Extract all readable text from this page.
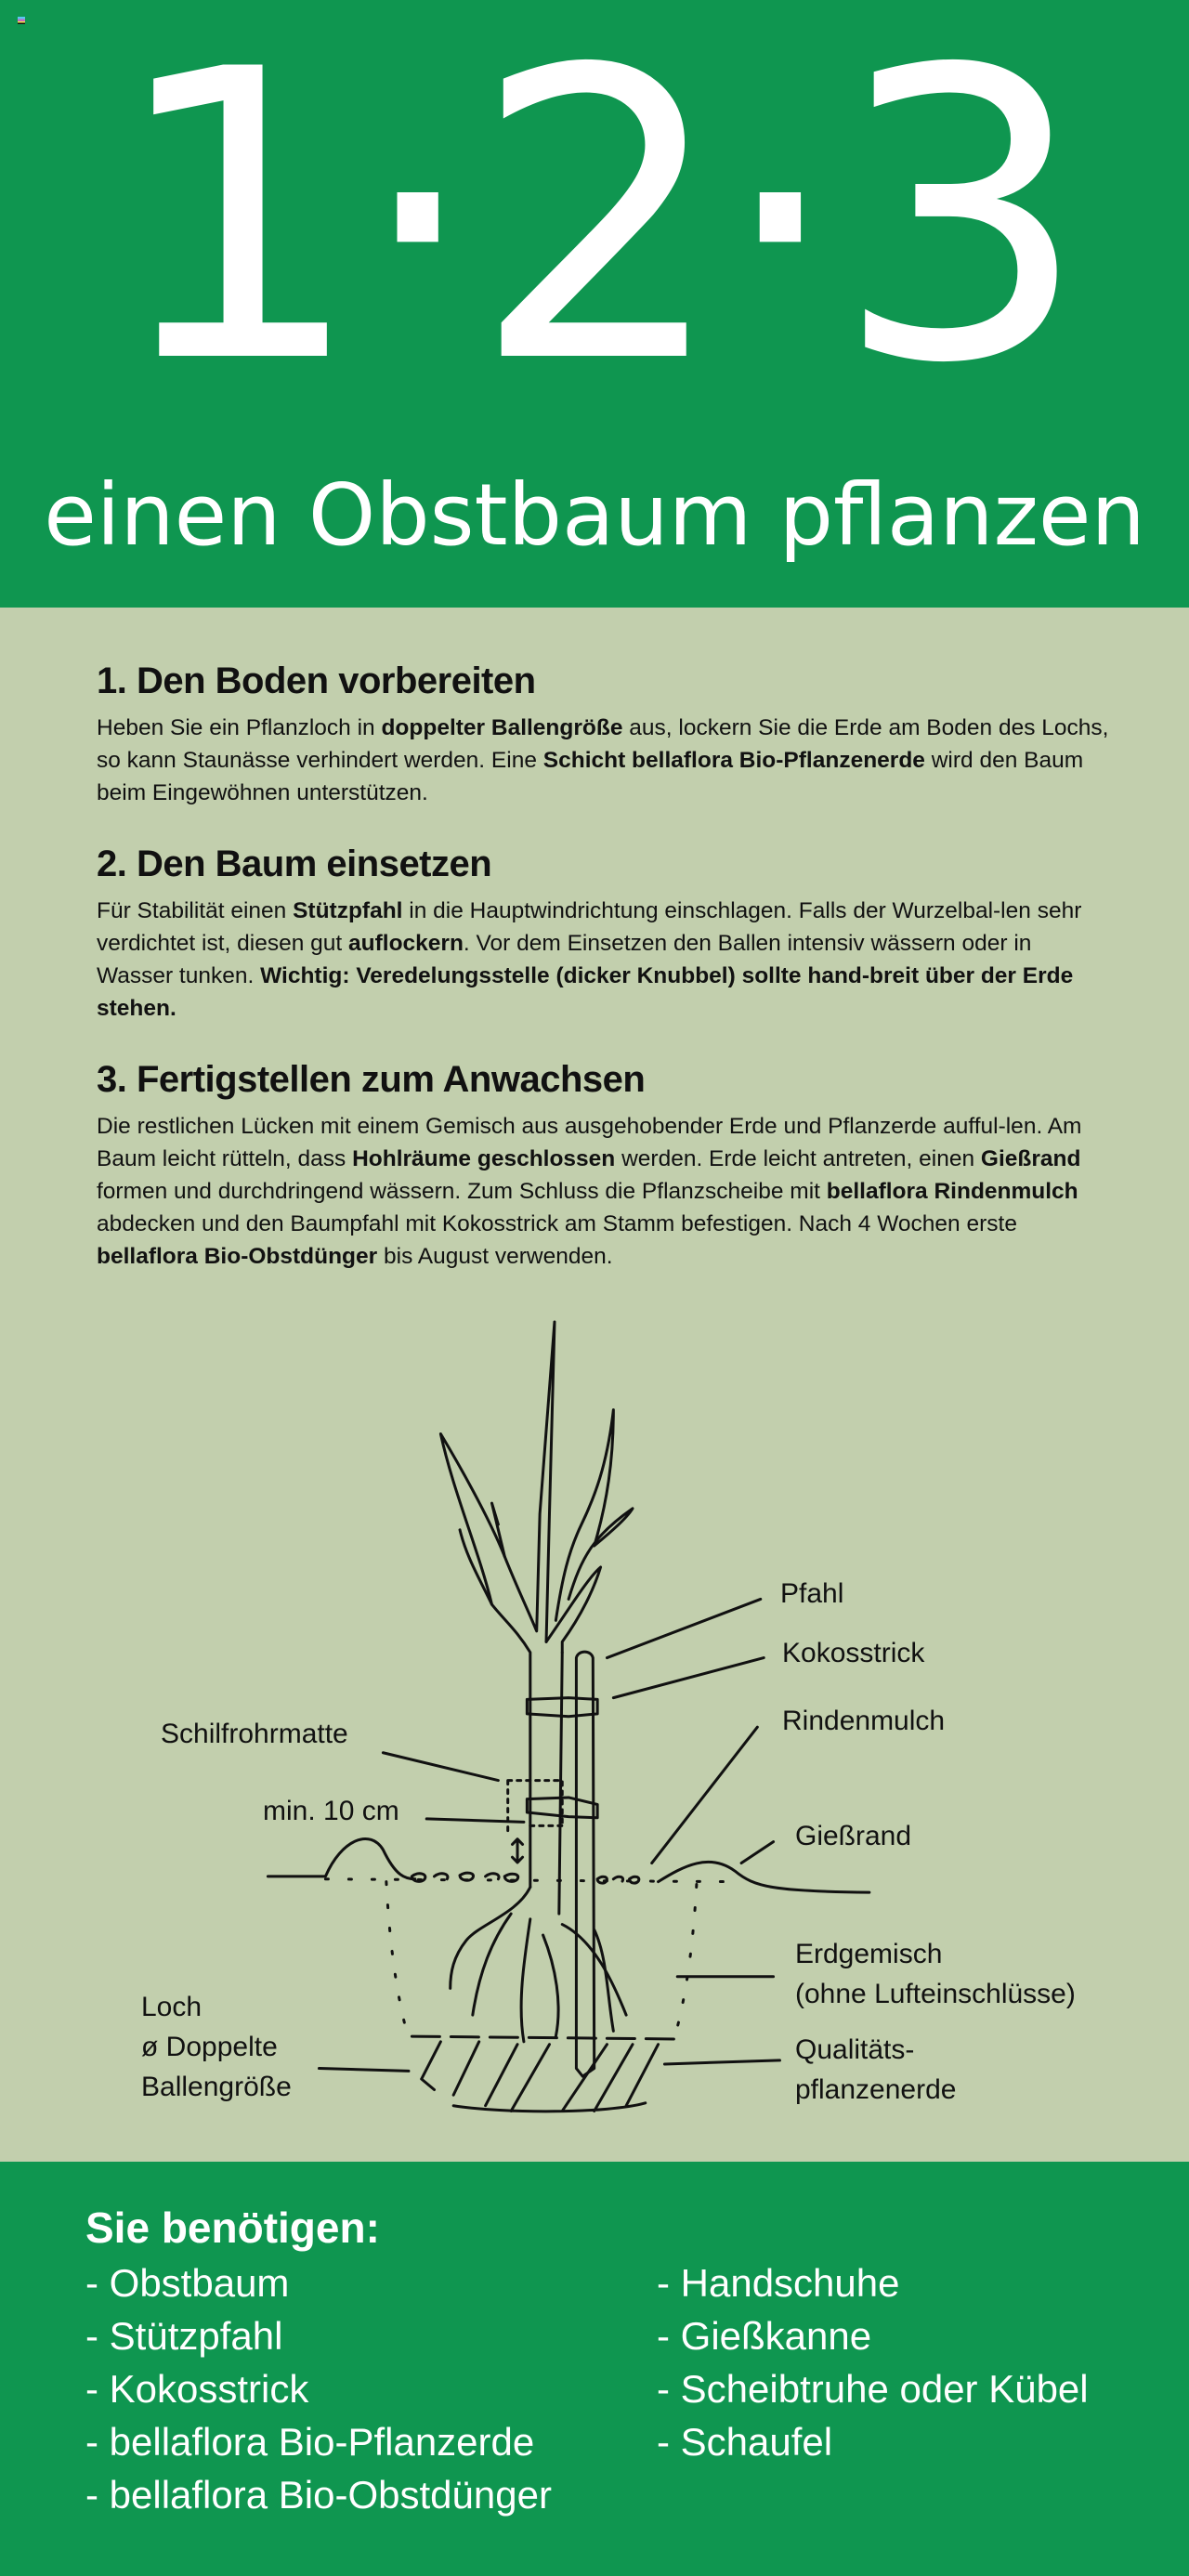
1·2·3
einen Obstbaum pflanzen
1. Den Boden vorbereiten

Heben Sie ein Pflanzloch in doppelter Ballengröße aus, lockern Sie die Erde am Boden des Lochs, so kann Staunässe verhindert werden. Eine Schicht bellaflora Bio-Pflanzenerde wird den Baum beim Eingewöhnen unterstützen.

2. Den Baum einsetzen

Für Stabilität einen Stützpfahl in die Hauptwindrichtung einschlagen. Falls der Wurzelbal-len sehr verdichtet ist, diesen gut auflockern. Vor dem Einsetzen den Ballen intensiv wässern oder in Wasser tunken. Wichtig: Veredelungsstelle (dicker Knubbel) sollte hand-breit über der Erde stehen.

3. Fertigstellen zum Anwachsen

Die restlichen Lücken mit einem Gemisch aus ausgehobender Erde und Pflanzerde aufful-len. Am Baum leicht rütteln, dass Hohlräume geschlossen werden. Erde leicht antreten, einen Gießrand formen und durchdringend wässern. Zum Schluss die Pflanzscheibe mit bellaflora Rindenmulch abdecken und den Baumpfahl mit Kokosstrick am Stamm befestigen. Nach 4 Wochen erste bellaflora Bio-Obstdünger bis August verwenden.

Pfahl
Kokosstrick
Rindenmulch
Gießrand
Erdgemisch
(ohne Lufteinschlüsse)
Qualitäts-
pflanzenerde
Schilfrohrmatte
min. 10 cm
Loch
ø Doppelte
Ballengröße
Sie benötigen:
- Obstbaum
- Stützpfahl
- Kokosstrick
- bellaflora Bio-Pflanzerde
- bellaflora Bio-Obstdünger
- Handschuhe
- Gießkanne
- Scheibtruhe oder Kübel
- Schaufel
